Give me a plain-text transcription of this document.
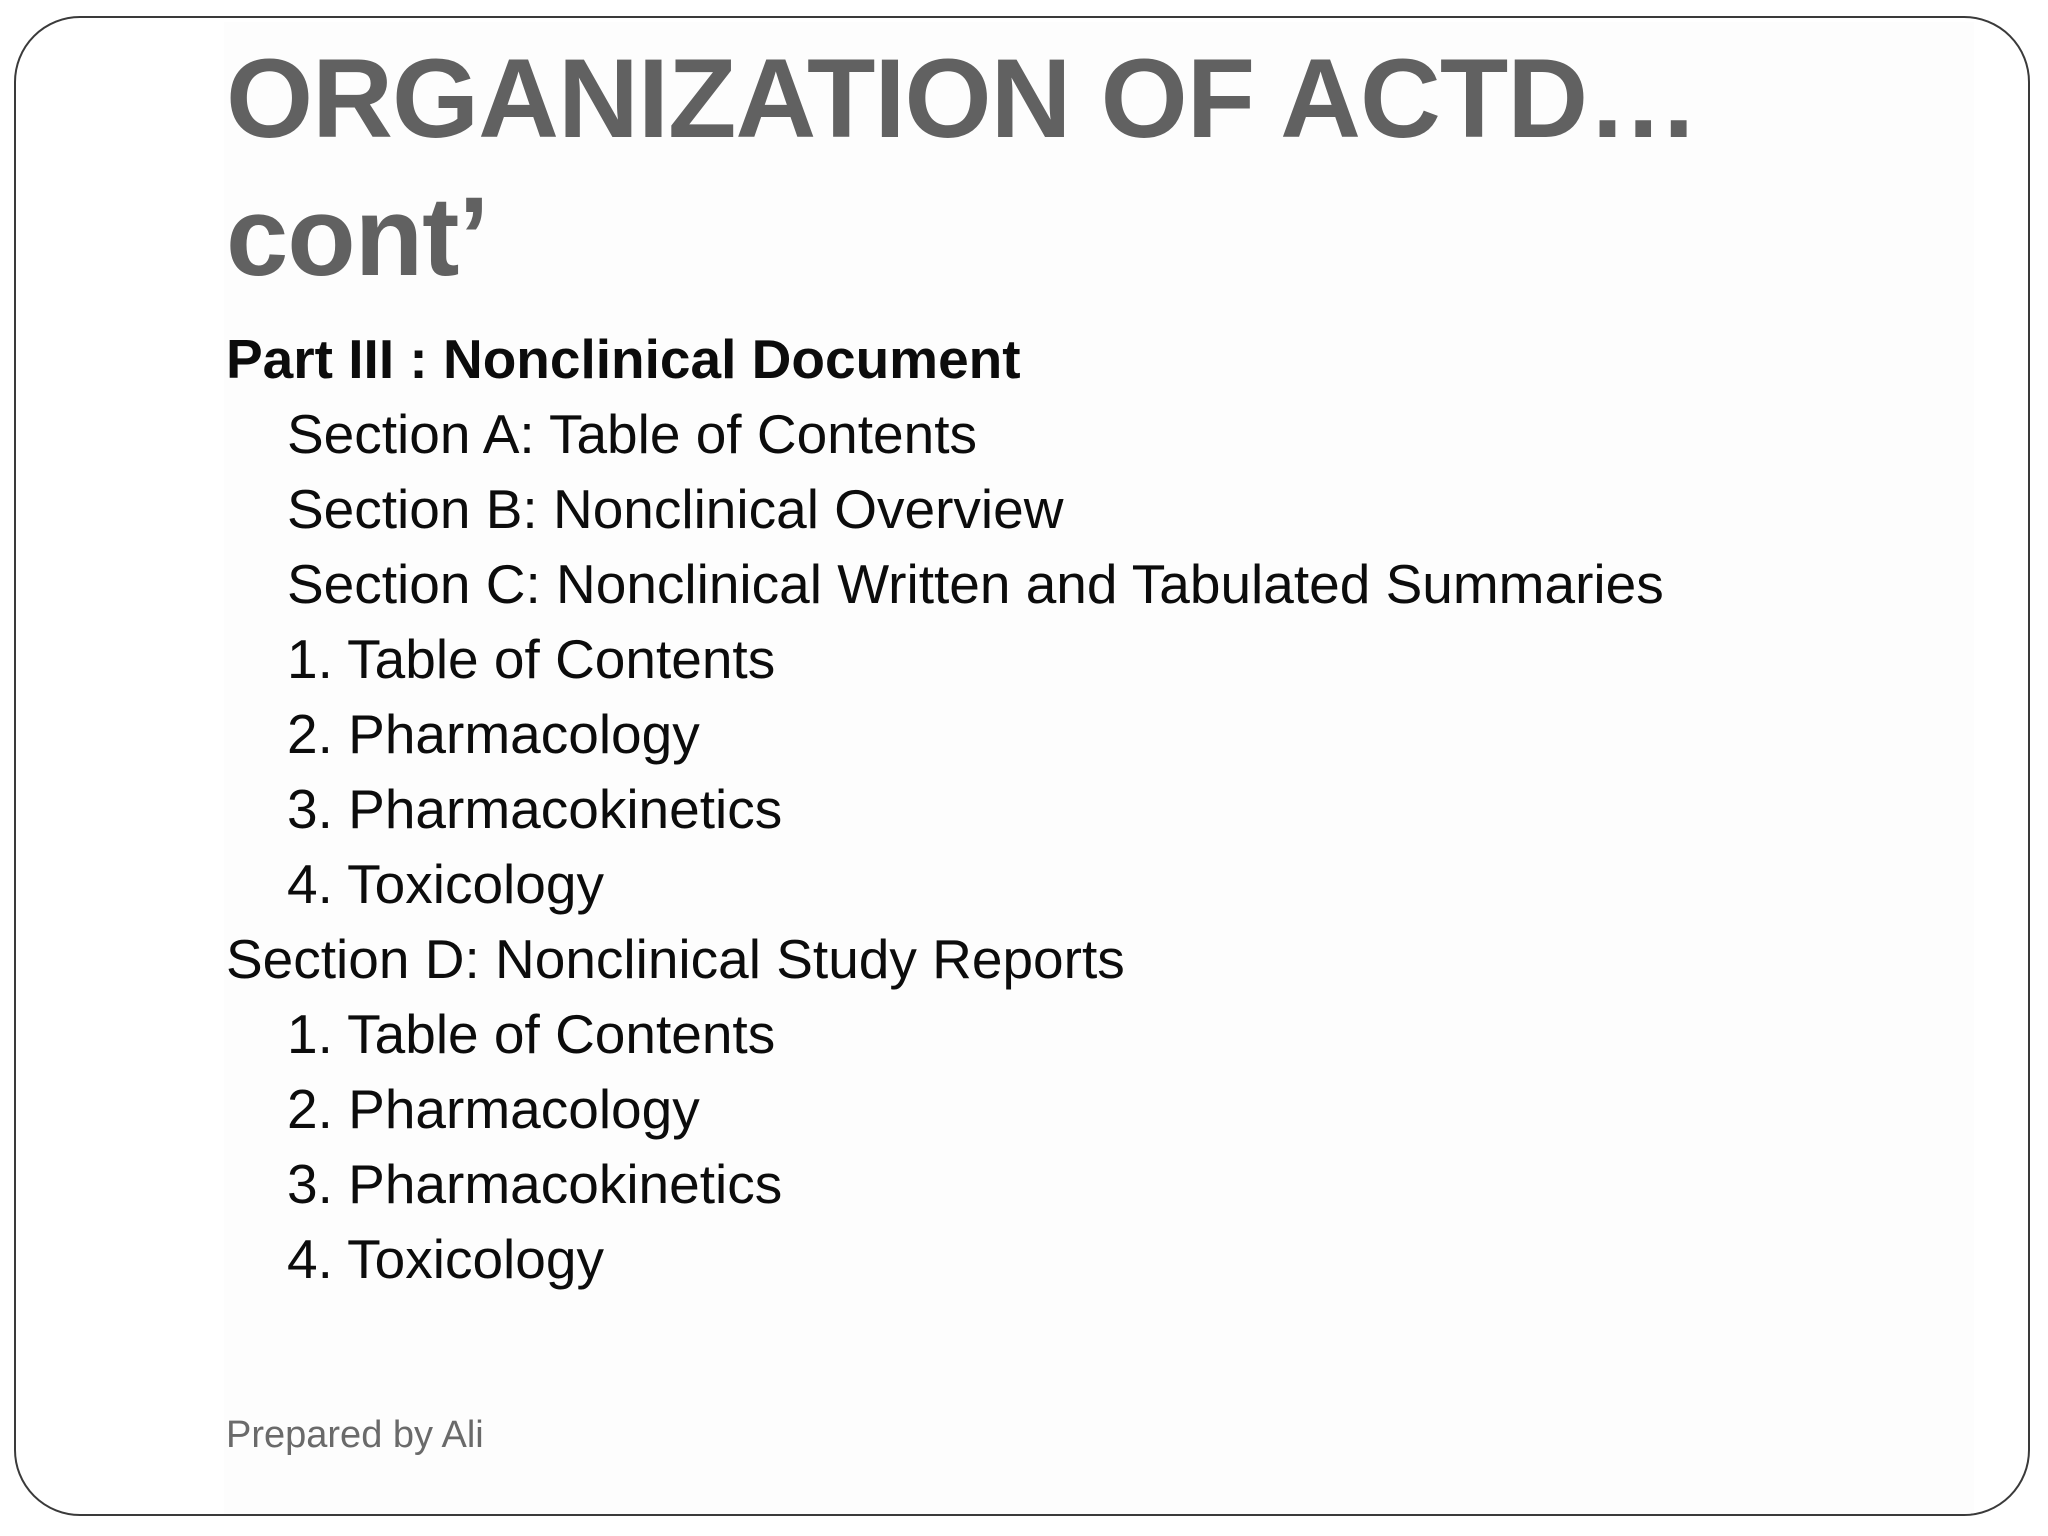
ORGANIZATION OF ACTD… cont’
Part III : Nonclinical Document
Section A: Table of Contents
Section B: Nonclinical Overview
Section C: Nonclinical Written and Tabulated Summaries
1. Table of Contents
2. Pharmacology
3. Pharmacokinetics
4. Toxicology
Section D: Nonclinical Study Reports
1. Table of Contents
2. Pharmacology
3. Pharmacokinetics
4. Toxicology

Prepared by Ali
